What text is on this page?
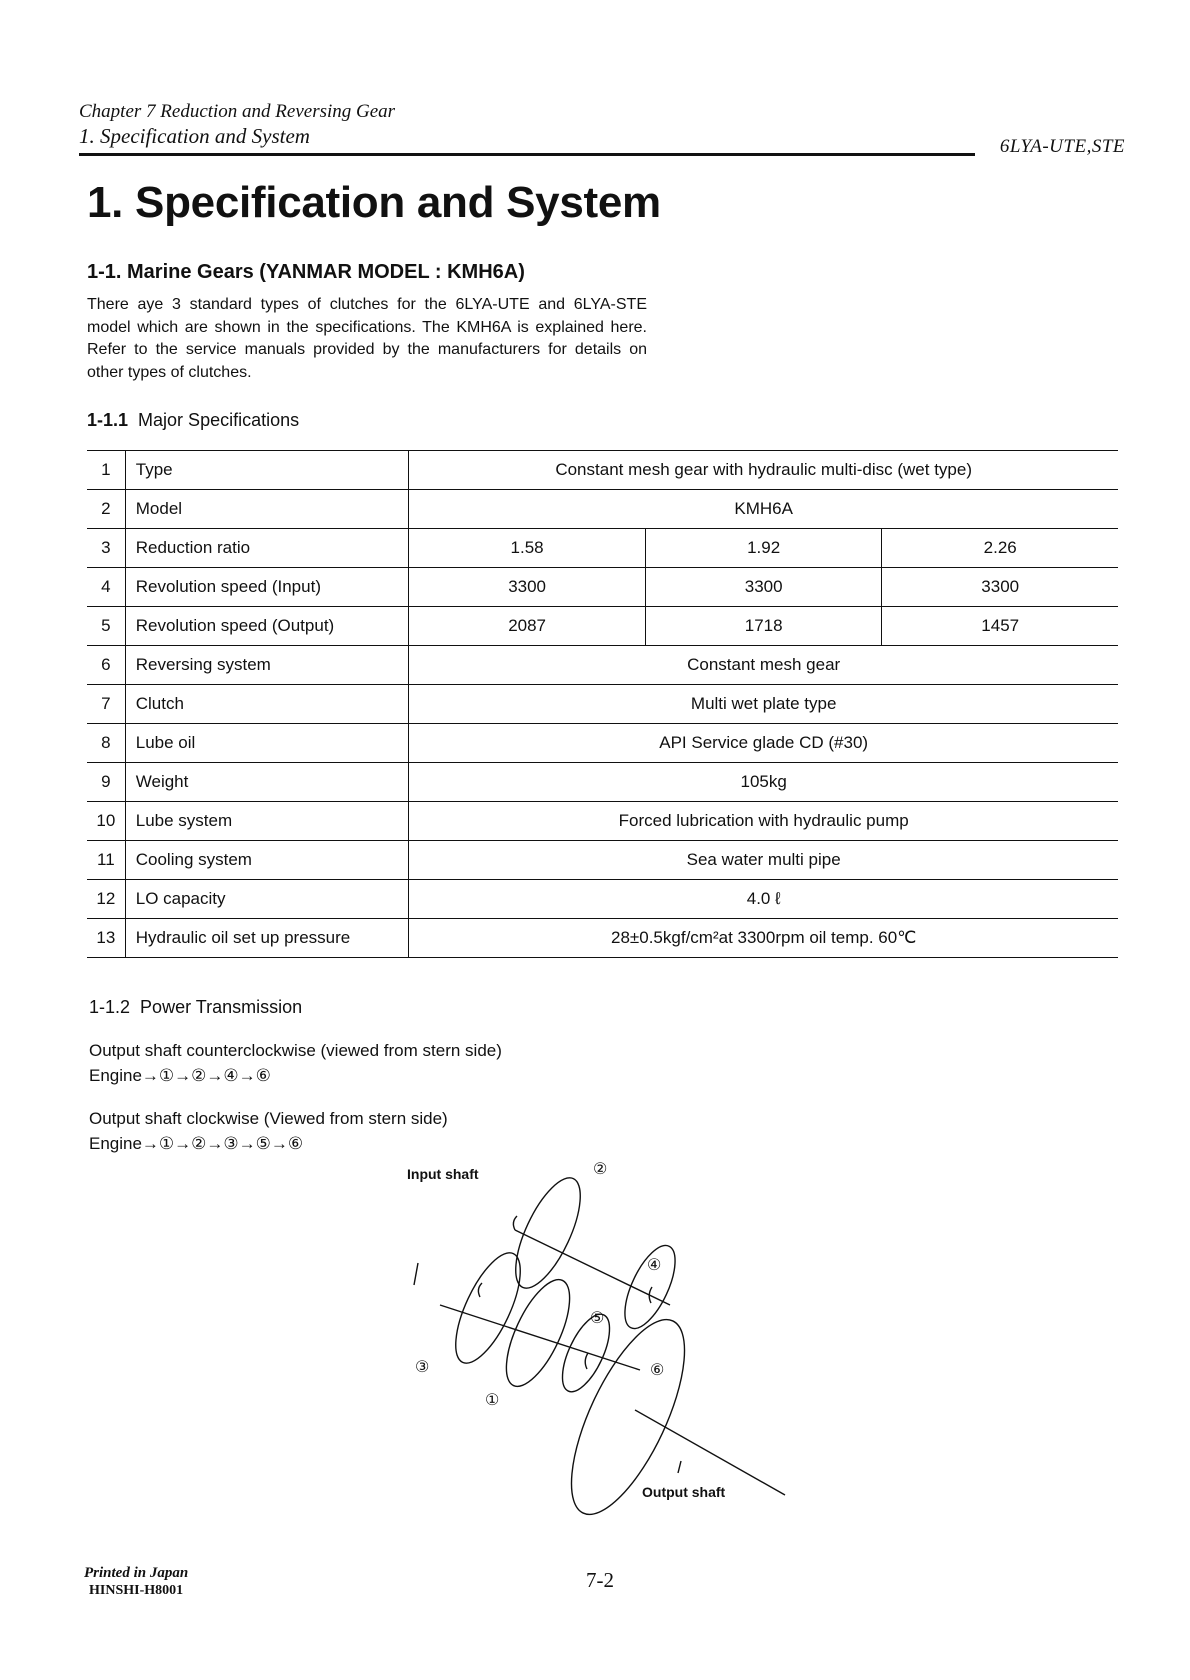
Chapter 7 Reduction and Reversing Gear
1. Specification and System	6LYA-UTE,STE
1. Specification and System
1-1. Marine Gears (YANMAR MODEL : KMH6A)
There aye 3 standard types of clutches for the 6LYA-UTE and 6LYA-STE model which are shown in the specifications. The KMH6A is explained here. Refer to the service manuals provided by the manufacturers for details on other types of clutches.
1-1.1 Major Specifications
1	Type	Constant mesh gear with hydraulic multi-disc (wet type)		
2	Model	KMH6A		
3	Reduction ratio	1.58	1.92	2.26
4	Revolution speed (Input)	3300	3300	3300
5	Revolution speed (Output)	2087	1718	1457
6	Reversing system	Constant mesh gear		
7	Clutch	Multi wet plate type		
8	Lube oil	API Service glade CD (#30)		
9	Weight	105kg		
10	Lube system	Forced lubrication with hydraulic pump		
11	Cooling system	Sea water multi pipe		
12	LO capacity	4.0 ℓ		
13	Hydraulic oil set up pressure	28±0.5kgf/cm²at 3300rpm oil temp. 60℃		
1-1.2 Power Transmission
Output shaft counterclockwise (viewed from stern side)
Engine→①→②→④→⑥
Output shaft clockwise (Viewed from stern side)
Engine→①→②→③→⑤→⑥
Input shaft
Output shaft
②
④
⑤
③	⑥
①
Printed in Japan
HINSHI-H8001	7-2
